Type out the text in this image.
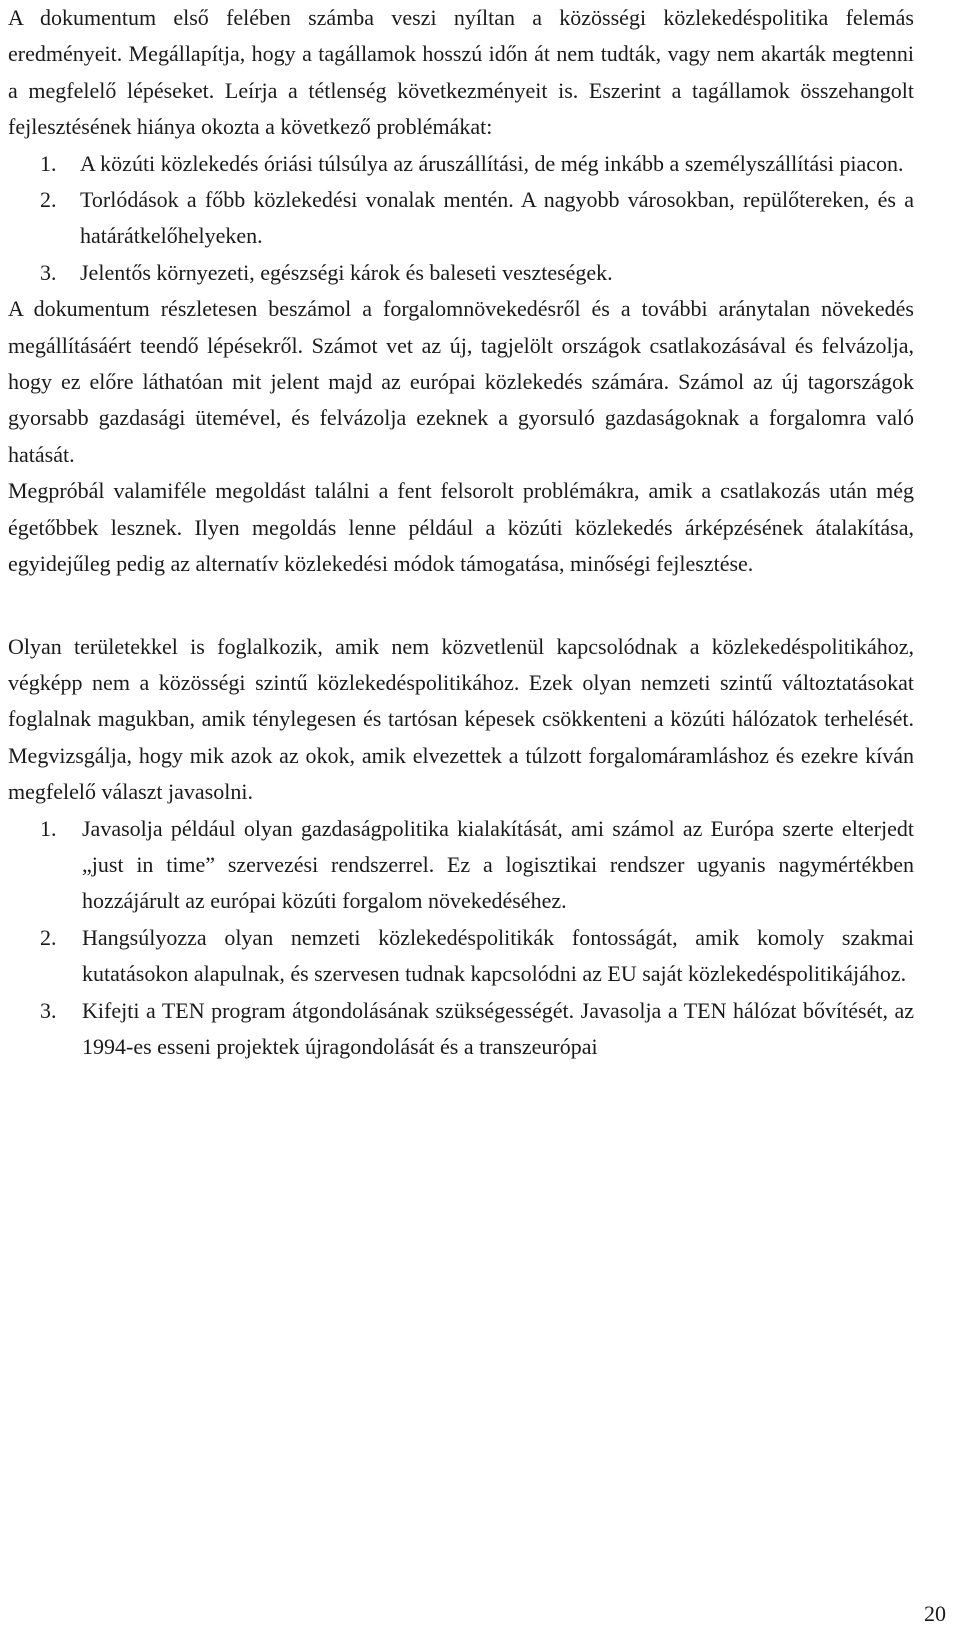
A dokumentum első felében számba veszi nyíltan a közösségi közlekedéspolitika felemás eredményeit. Megállapítja, hogy a tagállamok hosszú időn át nem tudták, vagy nem akarták megtenni a megfelelő lépéseket. Leírja a tétlenség következményeit is. Eszerint a tagállamok összehangolt fejlesztésének hiánya okozta a következő problémákat:

1. A közúti közlekedés óriási túlsúlya az áruszállítási, de még inkább a személyszállítási piacon.
2. Torlódások a főbb közlekedési vonalak mentén. A nagyobb városokban, repülőtereken, és a határátkelőhelyeken.
3. Jelentős környezeti, egészségi károk és baleseti veszteségek.

A dokumentum részletesen beszámol a forgalomnövekedésről és a további aránytalan növekedés megállításáért teendő lépésekről. Számot vet az új, tagjelölt országok csatlakozásával és felvázolja, hogy ez előre láthatóan mit jelent majd az európai közlekedés számára. Számol az új tagországok gyorsabb gazdasági ütemével, és felvázolja ezeknek a gyorsuló gazdaságoknak a forgalomra való hatását.

Megpróbál valamiféle megoldást találni a fent felsorolt problémákra, amik a csatlakozás után még égetőbbek lesznek. Ilyen megoldás lenne például a közúti közlekedés árképzésének átalakítása, egyidejűleg pedig az alternatív közlekedési módok támogatása, minőségi fejlesztése.

Olyan területekkel is foglalkozik, amik nem közvetlenül kapcsolódnak a közlekedéspolitikához, végképp nem a közösségi szintű közlekedéspolitikához. Ezek olyan nemzeti szintű változtatásokat foglalnak magukban, amik ténylegesen és tartósan képesek csökkenteni a közúti hálózatok terhelését. Megvizsgálja, hogy mik azok az okok, amik elvezettek a túlzott forgalomáramláshoz és ezekre kíván megfelelő választ javasolni.

1. Javasolja például olyan gazdaságpolitika kialakítását, ami számol az Európa szerte elterjedt „just in time” szervezési rendszerrel. Ez a logisztikai rendszer ugyanis nagymértékben hozzájárult az európai közúti forgalom növekedéséhez.
2. Hangsúlyozza olyan nemzeti közlekedéspolitikák fontosságát, amik komoly szakmai kutatásokon alapulnak, és szervesen tudnak kapcsolódni az EU saját közlekedéspolitikájához.
3. Kifejti a TEN program átgondolásának szükségességét. Javasolja a TEN hálózat bővítését, az 1994-es esseni projektek újragondolását és a transzeurópai
20
